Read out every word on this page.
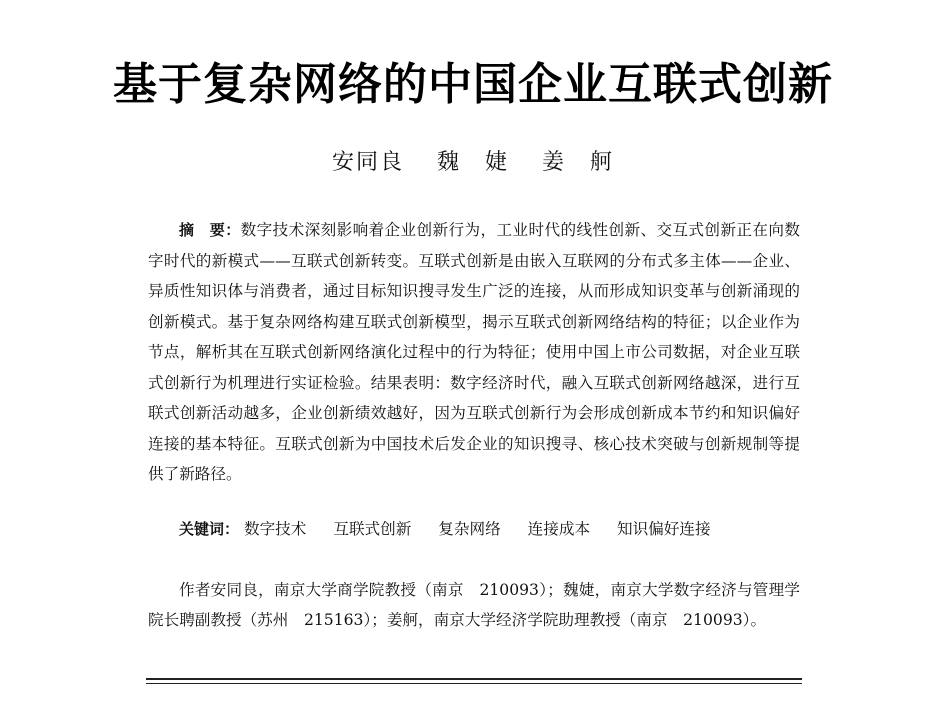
基于复杂网络的中国企业互联式创新
安同良 魏　婕 姜　舸

摘　要：数字技术深刻影响着企业创新行为，工业时代的线性创新、交互式创新正在向数字时代的新模式——互联式创新转变。互联式创新是由嵌入互联网的分布式多主体——企业、异质性知识体与消费者，通过目标知识搜寻发生广泛的连接，从而形成知识变革与创新涌现的创新模式。基于复杂网络构建互联式创新模型，揭示互联式创新网络结构的特征；以企业作为节点，解析其在互联式创新网络演化过程中的行为特征；使用中国上市公司数据，对企业互联式创新行为机理进行实证检验。结果表明：数字经济时代，融入互联式创新网络越深，进行互联式创新活动越多，企业创新绩效越好，因为互联式创新行为会形成创新成本节约和知识偏好连接的基本特征。互联式创新为中国技术后发企业的知识搜寻、核心技术突破与创新规制等提供了新路径。

关键词： 数字技术 互联式创新 复杂网络 连接成本 知识偏好连接

作者安同良，南京大学商学院教授（南京　210093）；魏婕，南京大学数字经济与管理学院长聘副教授（苏州　215163）；姜舸，南京大学经济学院助理教授（南京　210093）。
